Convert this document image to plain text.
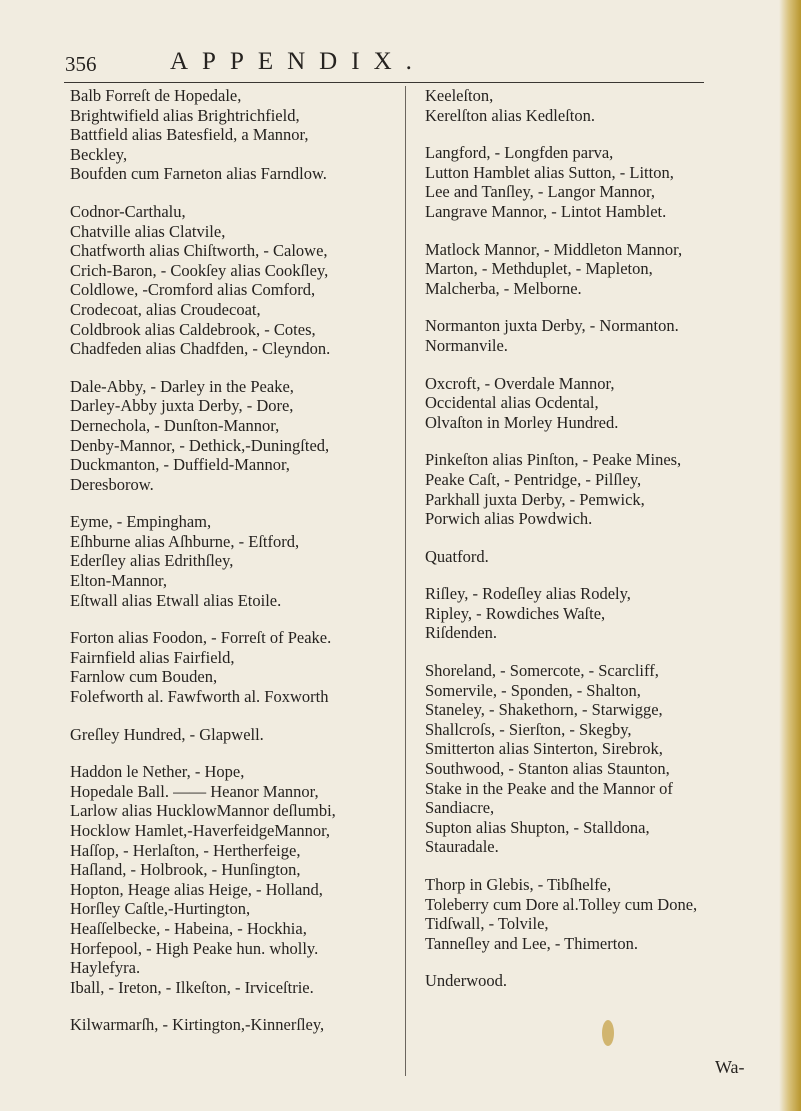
356	APPENDIX.

Balb Forreſt de Hopedale,

Brightwifield alias Brightrichfield,

Battfield alias Batesfield, a Mannor,

Beckley,

Boufden cum Farneton alias Farndlow.

Codnor-Carthalu,

Chatville alias Clatvile,

Chatfworth alias Chiſtworth, - Calowe,

Crich-Baron, - Cookſey alias Cookſley,

Coldlowe, -Cromford alias Comford,

Crodecoat, alias Croudecoat,

Coldbrook alias Caldebrook, - Cotes,

Chadfeden alias Chadfden, - Cleyndon.

Dale-Abby, - Darley in the Peake,

Darley-Abby juxta Derby, - Dore,

Dernechola, - Dunſton-Mannor,

Denby-Mannor, - Dethick,-Duningſted,

Duckmanton, - Duffield-Mannor,

Deresborow.

Eyme, - Empingham,

Eſhburne alias Aſhburne, - Eſtford,

Ederſley alias Edrithſley,

Elton-Mannor,

Eſtwall alias Etwall alias Etoile.

Forton alias Foodon, - Forreſt of Peake.

Fairnfield alias Fairfield,

Farnlow cum Bouden,

Folefworth al. Fawfworth al. Foxworth

Greſley Hundred, - Glapwell.

Haddon le Nether, - Hope,

Hopedale Ball. —— Heanor Mannor,

Larlow alias HucklowMannor deſlumbi,

Hocklow Hamlet,-HaverfeidgeMannor,

Haſſop, - Herlaſton, - Hertherfeige,

Haſland, - Holbrook, - Hunſington,

Hopton, Heage alias Heige, - Holland,

Horſley Caſtle,-Hurtington,

Heaſſelbecke, - Habeina, - Hockhia,

Horfepool, - High Peake hun. wholly.

Haylefyra.

Iball, - Ireton, - Ilkeſton, - Irviceſtrie.

Kilwarmarſh, - Kirtington,-Kinnerſley,

Keeleſton,

Kerelſton alias Kedleſton.

Langford, - Longfden parva,

Lutton Hamblet alias Sutton, - Litton,

Lee and Tanſley, - Langor Mannor,

Langrave Mannor, - Lintot Hamblet.

Matlock Mannor, - Middleton Mannor,

Marton, - Methduplet, - Mapleton,

Malcherba, - Melborne.

Normanton juxta Derby, - Normanton.

Normanvile.

Oxcroft, - Overdale Mannor,

Occidental alias Ocdental,

Olvaſton in Morley Hundred.

Pinkeſton alias Pinſton, - Peake Mines,

Peake Caſt, - Pentridge, - Pilſley,

Parkhall juxta Derby, - Pemwick,

Porwich alias Powdwich.

Quatford.

Riſley, - Rodeſley alias Rodely,

Ripley, - Rowdiches Waſte,

Riſdenden.

Shoreland, - Somercote, - Scarcliff,

Somervile, - Sponden, - Shalton,

Staneley, - Shakethorn, - Starwigge,

Shallcroſs, - Sierſton, - Skegby,

Smitterton alias Sinterton, Sirebrok,

Southwood, - Stanton alias Staunton,

Stake in the Peake and the Mannor of

Sandiacre,

Supton alias Shupton, - Stalldona,

Stauradale.

Thorp in Glebis, - Tibſhelfe,

Toleberry cum Dore al.Tolley cum Done,

Tidſwall, - Tolvile,

Tanneſley and Lee, - Thimerton.

Underwood.

Wa-
